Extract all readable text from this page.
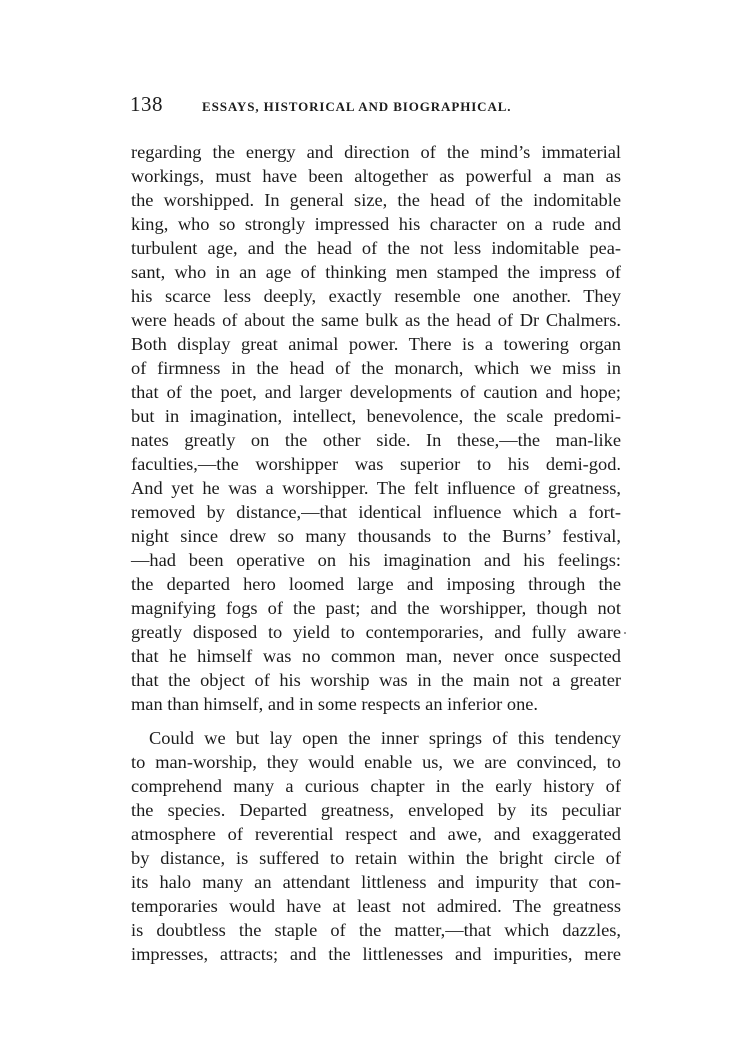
138	ESSAYS, HISTORICAL AND BIOGRAPHICAL.
regarding the energy and direction of the mind’s immaterial
workings, must have been altogether as powerful a man as
the worshipped. In general size, the head of the indomitable
king, who so strongly impressed his character on a rude and
turbulent age, and the head of the not less indomitable pea-
sant, who in an age of thinking men stamped the impress of
his scarce less deeply, exactly resemble one another. They
were heads of about the same bulk as the head of Dr Chalmers.
Both display great animal power. There is a towering organ
of firmness in the head of the monarch, which we miss in
that of the poet, and larger developments of caution and hope;
but in imagination, intellect, benevolence, the scale predomi-
nates greatly on the other side. In these,—the man-like
faculties,—the worshipper was superior to his demi-god.
And yet he was a worshipper. The felt influence of greatness,
removed by distance,—that identical influence which a fort-
night since drew so many thousands to the Burns’ festival,
—had been operative on his imagination and his feelings:
the departed hero loomed large and imposing through the
magnifying fogs of the past; and the worshipper, though not
greatly disposed to yield to contemporaries, and fully aware
that he himself was no common man, never once suspected
that the object of his worship was in the main not a greater
man than himself, and in some respects an inferior one.
Could we but lay open the inner springs of this tendency
to man-worship, they would enable us, we are convinced, to
comprehend many a curious chapter in the early history of
the species. Departed greatness, enveloped by its peculiar
atmosphere of reverential respect and awe, and exaggerated
by distance, is suffered to retain within the bright circle of
its halo many an attendant littleness and impurity that con-
temporaries would have at least not admired. The greatness
is doubtless the staple of the matter,—that which dazzles,
impresses, attracts; and the littlenesses and impurities, mere
